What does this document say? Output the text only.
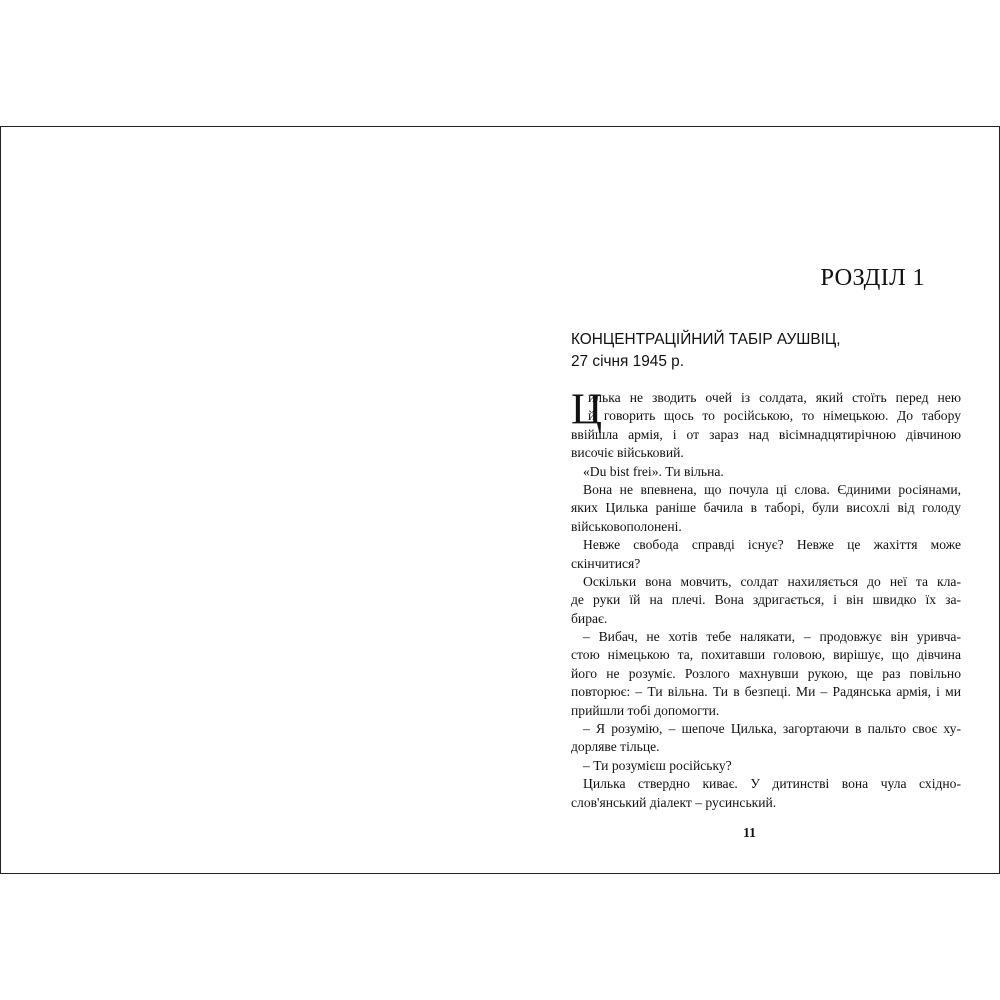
РОЗДІЛ 1
КОНЦЕНТРАЦІЙНИЙ ТАБІР АУШВІЦ,
27 січня 1945 р.
Ц
илька не зводить очей із солдата, який стоїть перед нею
й говорить щось то російською, то німецькою. До табору
ввійшла армія, і от зараз над вісімнадцятирічною дівчиною
височіє військовий.
«Du bist frei». Ти вільна.
Вона не впевнена, що почула ці слова. Єдиними росіянами,
яких Цилька раніше бачила в таборі, були висохлі від голоду
військовополонені.
Невже свобода справді існує? Невже це жахіття може
скінчитися?
Оскільки вона мовчить, солдат нахиляється до неї та кла-
де руки їй на плечі. Вона здригається, і він швидко їх за-
бирає.
– Вибач, не хотів тебе налякати, – продовжує він уривча-
стою німецькою та, похитавши головою, вирішує, що дівчина
його не розуміє. Розлого махнувши рукою, ще раз повільно
повторює: – Ти вільна. Ти в безпеці. Ми – Радянська армія, і ми
прийшли тобі допомогти.
– Я розумію, – шепоче Цилька, загортаючи в пальто своє ху-
дорляве тільце.
– Ти розумієш російську?
Цилька ствердно киває. У дитинстві вона чула східно-
слов'янський діалект – русинський.
11
